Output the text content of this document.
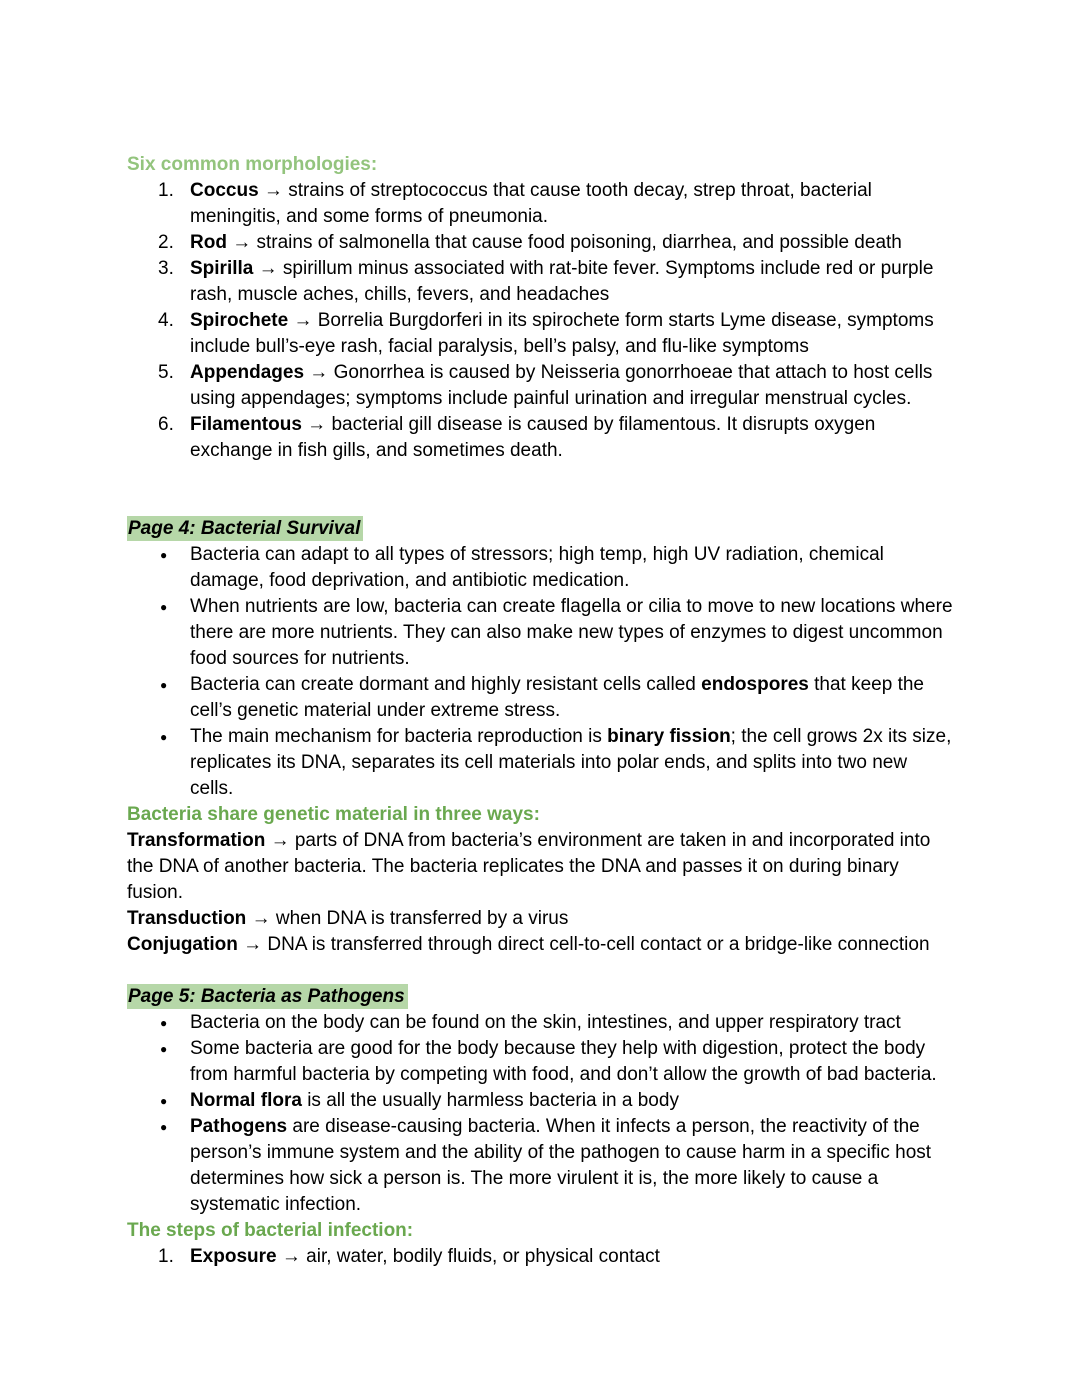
Six common morphologies:
1. Coccus → strains of streptococcus that cause tooth decay, strep throat, bacterial meningitis, and some forms of pneumonia.
2. Rod → strains of salmonella that cause food poisoning, diarrhea, and possible death
3. Spirilla → spirillum minus associated with rat-bite fever. Symptoms include red or purple rash, muscle aches, chills, fevers, and headaches
4. Spirochete → Borrelia Burgdorferi in its spirochete form starts Lyme disease, symptoms include bull’s-eye rash, facial paralysis, bell’s palsy, and flu-like symptoms
5. Appendages → Gonorrhea is caused by Neisseria gonorrhoeae that attach to host cells using appendages; symptoms include painful urination and irregular menstrual cycles.
6. Filamentous → bacterial gill disease is caused by filamentous. It disrupts oxygen exchange in fish gills, and sometimes death.
Page 4: Bacterial Survival
● Bacteria can adapt to all types of stressors; high temp, high UV radiation, chemical damage, food deprivation, and antibiotic medication.
● When nutrients are low, bacteria can create flagella or cilia to move to new locations where there are more nutrients. They can also make new types of enzymes to digest uncommon food sources for nutrients.
● Bacteria can create dormant and highly resistant cells called endospores that keep the cell’s genetic material under extreme stress.
● The main mechanism for bacteria reproduction is binary fission; the cell grows 2x its size, replicates its DNA, separates its cell materials into polar ends, and splits into two new cells.
Bacteria share genetic material in three ways:
Transformation → parts of DNA from bacteria’s environment are taken in and incorporated into the DNA of another bacteria. The bacteria replicates the DNA and passes it on during binary fusion.
Transduction → when DNA is transferred by a virus
Conjugation → DNA is transferred through direct cell-to-cell contact or a bridge-like connection
Page 5: Bacteria as Pathogens
● Bacteria on the body can be found on the skin, intestines, and upper respiratory tract
● Some bacteria are good for the body because they help with digestion, protect the body from harmful bacteria by competing with food, and don’t allow the growth of bad bacteria.
● Normal flora is all the usually harmless bacteria in a body
● Pathogens are disease-causing bacteria. When it infects a person, the reactivity of the person’s immune system and the ability of the pathogen to cause harm in a specific host determines how sick a person is. The more virulent it is, the more likely to cause a systematic infection.
The steps of bacterial infection:
1. Exposure → air, water, bodily fluids, or physical contact
